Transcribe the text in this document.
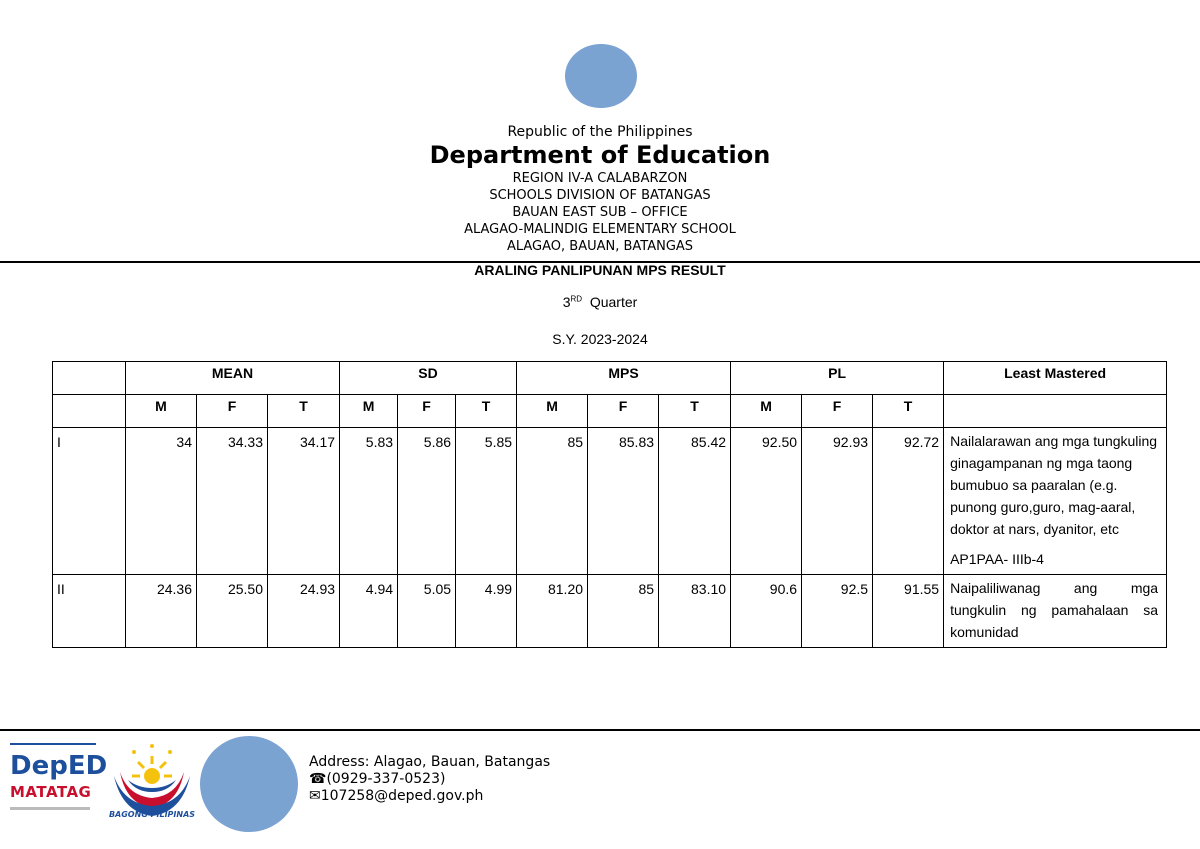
Republic of the Philippines
Department of Education
REGION IV-A CALABARZON
SCHOOLS DIVISION OF BATANGAS
BAUAN EAST SUB – OFFICE
ALAGAO-MALINDIG ELEMENTARY SCHOOL
ALAGAO, BAUAN, BATANGAS
ARALING PANLIPUNAN MPS RESULT
3RD Quarter
S.Y. 2023-2024
	MEAN			SD			MPS			PL			Least Mastered
	M	F	T	M	F	T	M	F	T	M	F	T	
I	34	34.33	34.17	5.83	5.86	5.85	85	85.83	85.42	92.50	92.93	92.72	Nailalarawan ang mga tungkuling ginagampanan ng mga taong bumubuo sa paaralan (e.g. punong guro,guro, mag-aaral, doktor at nars, dyanitor, etc
AP1PAA- IIIb-4

II	24.36	25.50	24.93	4.94	5.05	4.99	81.20	85	83.10	90.6	92.5	91.55	Naipaliliwanag ang mga tungkulin ng pamahalaan sa komunidad
DepED
MATATAG
BAGONG PILIPINAS
Address: Alagao, Bauan, Batangas
☎(0929-337-0523)
✉107258@deped.gov.ph
